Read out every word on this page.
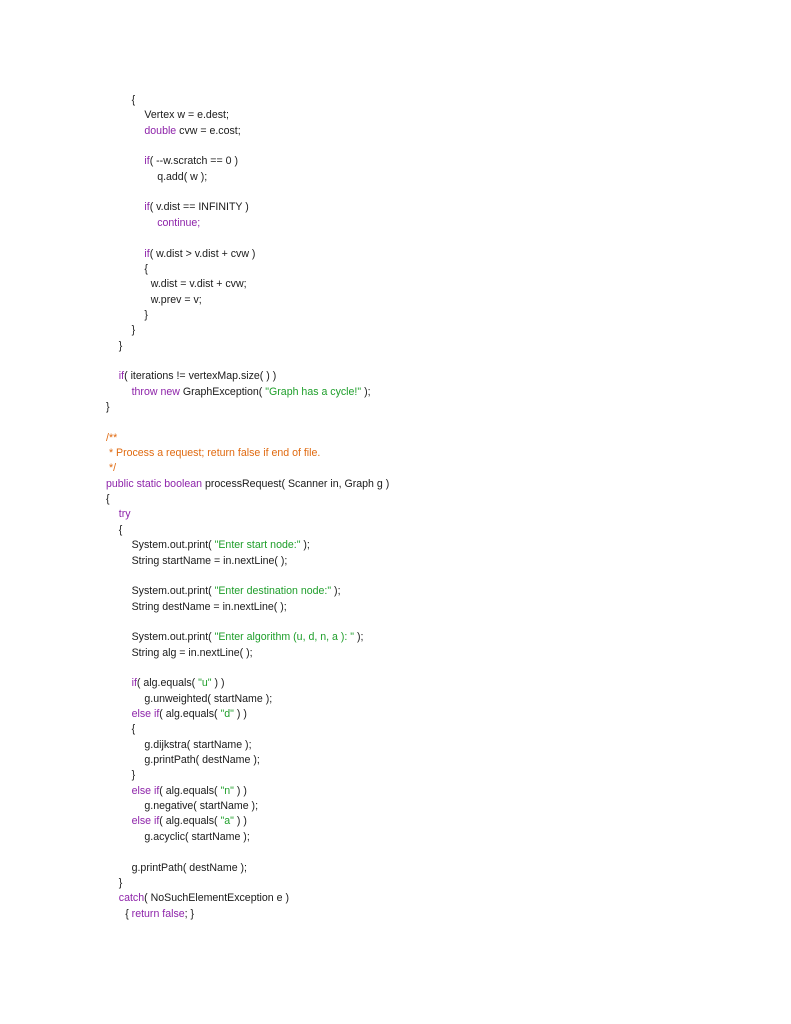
{
Vertex w = e.dest;
double cvw = e.cost;
if( --w.scratch == 0 )
q.add( w );
if( v.dist == INFINITY )
continue;
if( w.dist > v.dist + cvw )
{
w.dist = v.dist + cvw;
w.prev = v;
}
}
}
if( iterations != vertexMap.size( ) )
throw new GraphException( "Graph has a cycle!" );
}
/**
* Process a request; return false if end of file.
*/
public static boolean processRequest( Scanner in, Graph g )
{
try
{
System.out.print( "Enter start node:" );
String startName = in.nextLine( );
System.out.print( "Enter destination node:" );
String destName = in.nextLine( );
System.out.print( "Enter algorithm (u, d, n, a ): " );
String alg = in.nextLine( );
if( alg.equals( "u" ) )
g.unweighted( startName );
else if( alg.equals( "d" ) )
{
g.dijkstra( startName );
g.printPath( destName );
}
else if( alg.equals( "n" ) )
g.negative( startName );
else if( alg.equals( "a" ) )
g.acyclic( startName );
g.printPath( destName );
}
catch( NoSuchElementException e )
{ return false; }
